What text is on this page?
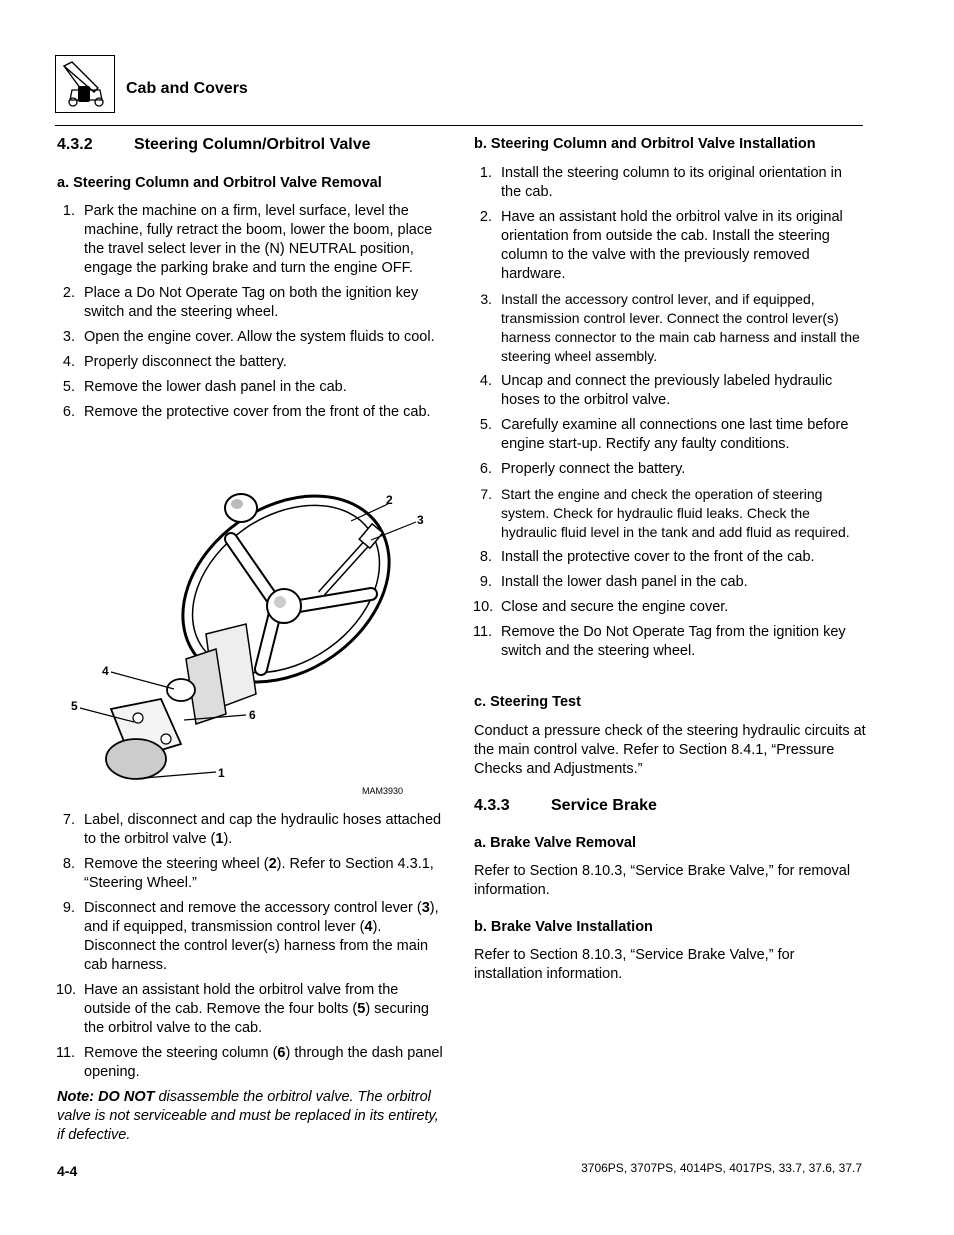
Cab and Covers
4.3.2	Steering Column/Orbitrol Valve
a. Steering Column and Orbitrol Valve Removal
1. Park the machine on a firm, level surface, level the machine, fully retract the boom, lower the boom, place the travel select lever in the (N) NEUTRAL position, engage the parking brake and turn the engine OFF.
2. Place a Do Not Operate Tag on both the ignition key switch and the steering wheel.
3. Open the engine cover. Allow the system fluids to cool.
4. Properly disconnect the battery.
5. Remove the lower dash panel in the cab.
6. Remove the protective cover from the front of the cab.
2
3
4
5
6
1
MAM3930
7. Label, disconnect and cap the hydraulic hoses attached to the orbitrol valve (1).
8. Remove the steering wheel (2). Refer to Section 4.3.1, “Steering Wheel.”
9. Disconnect and remove the accessory control lever (3), and if equipped, transmission control lever (4). Disconnect the control lever(s) harness from the main cab harness.
10. Have an assistant hold the orbitrol valve from the outside of the cab. Remove the four bolts (5) securing the orbitrol valve to the cab.
11. Remove the steering column (6) through the dash panel opening.
Note: DO NOT disassemble the orbitrol valve. The orbitrol valve is not serviceable and must be replaced in its entirety, if defective.
b. Steering Column and Orbitrol Valve Installation
1. Install the steering column to its original orientation in the cab.
2. Have an assistant hold the orbitrol valve in its original orientation from outside the cab. Install the steering column to the valve with the previously removed hardware.
3. Install the accessory control lever, and if equipped, transmission control lever. Connect the control lever(s) harness connector to the main cab harness and install the steering wheel assembly.
4. Uncap and connect the previously labeled hydraulic hoses to the orbitrol valve.
5. Carefully examine all connections one last time before engine start-up. Rectify any faulty conditions.
6. Properly connect the battery.
7. Start the engine and check the operation of steering system. Check for hydraulic fluid leaks. Check the hydraulic fluid level in the tank and add fluid as required.
8. Install the protective cover to the front of the cab.
9. Install the lower dash panel in the cab.
10. Close and secure the engine cover.
11. Remove the Do Not Operate Tag from the ignition key switch and the steering wheel.
c. Steering Test
Conduct a pressure check of the steering hydraulic circuits at the main control valve. Refer to Section 8.4.1, “Pressure Checks and Adjustments.”
4.3.3	Service Brake
a. Brake Valve Removal
Refer to Section 8.10.3, “Service Brake Valve,” for removal information.
b. Brake Valve Installation
Refer to Section 8.10.3, “Service Brake Valve,” for installation information.
4-4	3706PS, 3707PS, 4014PS, 4017PS, 33.7, 37.6, 37.7
